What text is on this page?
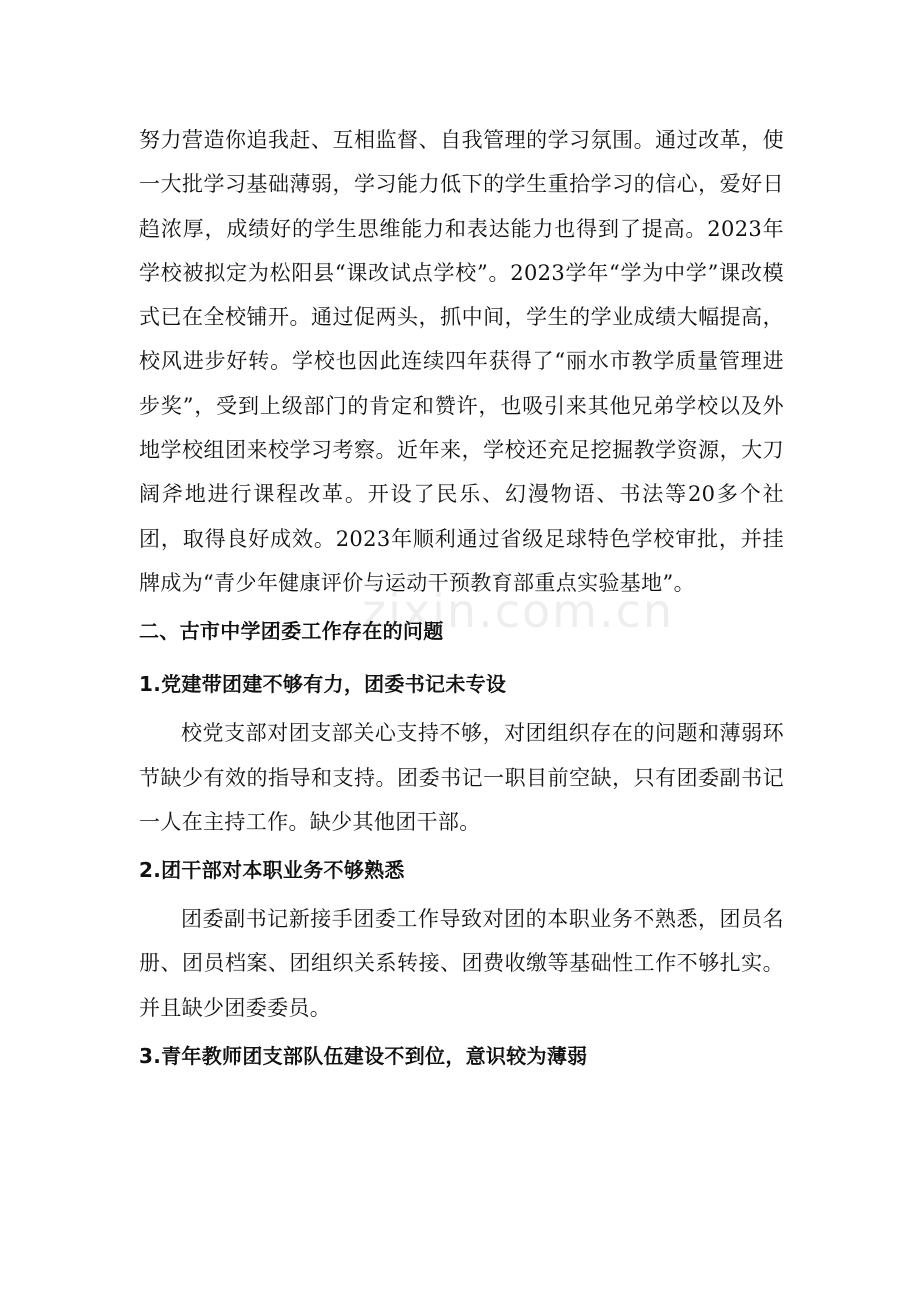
努力营造你追我赶、互相监督、自我管理的学习氛围。通过改革，使一大批学习基础薄弱，学习能力低下的学生重拾学习的信心，爱好日趋浓厚，成绩好的学生思维能力和表达能力也得到了提高。2023年学校被拟定为松阳县“课改试点学校”。2023学年“学为中学”课改模式已在全校铺开。通过促两头，抓中间，学生的学业成绩大幅提高，校风进步好转。学校也因此连续四年获得了“丽水市教学质量管理进步奖”，受到上级部门的肯定和赞许，也吸引来其他兄弟学校以及外地学校组团来校学习考察。近年来，学校还充足挖掘教学资源，大刀阔斧地进行课程改革。开设了民乐、幻漫物语、书法等20多个社团，取得良好成效。2023年顺利通过省级足球特色学校审批，并挂牌成为“青少年健康评价与运动干预教育部重点实验基地”。

二、古市中学团委工作存在的问题
1.党建带团建不够有力，团委书记未专设

校党支部对团支部关心支持不够，对团组织存在的问题和薄弱环节缺少有效的指导和支持。团委书记一职目前空缺，只有团委副书记一人在主持工作。缺少其他团干部。

2.团干部对本职业务不够熟悉

团委副书记新接手团委工作导致对团的本职业务不熟悉，团员名册、团员档案、团组织关系转接、团费收缴等基础性工作不够扎实。并且缺少团委委员。

3.青年教师团支部队伍建设不到位，意识较为薄弱
zixin.com.cn
